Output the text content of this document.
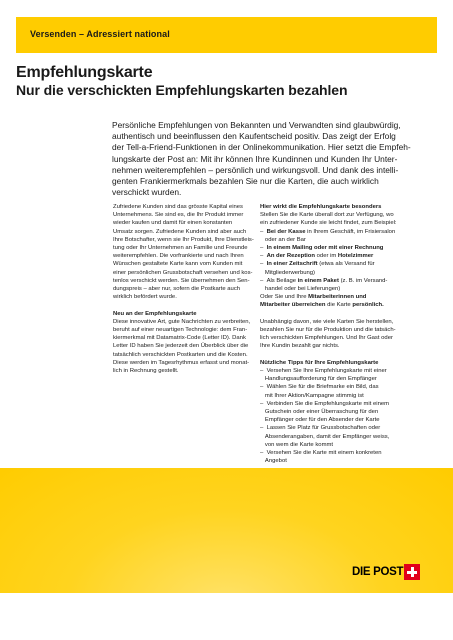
Versenden – Adressiert national
Empfehlungskarte
Nur die verschickten Empfehlungskarten bezahlen

Persönliche Empfehlungen von Bekannten und Verwandten sind glaubwürdig,
authentisch und beeinflussen den Kaufentscheid positiv. Das zeigt der Erfolg
der Tell-a-Friend-Funktionen in der Onlinekommunikation. Hier setzt die Empfeh-
lungskarte der Post an: Mit ihr können Ihre Kundinnen und Kunden Ihr Unter-
nehmen weiterempfehlen – persönlich und wirkungsvoll. Und dank des intelli-
genten Frankiermerkmals bezahlen Sie nur die Karten, die auch wirklich
verschickt wurden.

Zufriedene Kunden sind das grösste Kapital eines
Unternehmens. Sie sind es, die Ihr Produkt immer
wieder kaufen und damit für einen konstanten
Umsatz sorgen. Zufriedene Kunden sind aber auch
Ihre Botschafter, wenn sie Ihr Produkt, Ihre Dienstleis-
tung oder Ihr Unternehmen an Familie und Freunde
weiterempfehlen. Die vorfrankierte und nach Ihren
Wünschen gestaltete Karte kann vom Kunden mit
einer persönlichen Grussbotschaft versehen und kos-
tenlos verschickt werden. Sie übernehmen den Sen-
dungspreis – aber nur, sofern die Postkarte auch
wirklich befördert wurde.
Neu an der Empfehlungskarte
Diese innovative Art, gute Nachrichten zu verbreiten,
beruht auf einer neuartigen Technologie: dem Fran-
kiermerkmal mit Datamatrix-Code (Letter ID). Dank
Letter ID haben Sie jederzeit den Überblick über die
tatsächlich verschickten Postkarten und die Kosten.
Diese werden im Tagesrhythmus erfasst und monat-
lich in Rechnung gestellt.
Hier wirkt die Empfehlungskarte besonders
Stellen Sie die Karte überall dort zur Verfügung, wo
ein zufriedener Kunde sie leicht findet, zum Beispiel:
–  Bei der Kasse in Ihrem Geschäft, im Frisiersalon
oder an der Bar
–  In einem Mailing oder mit einer Rechnung
–  An der Rezeption oder im Hotelzimmer
–  In einer Zeitschrift (etwa als Versand für
Mitgliederwerbung)
–  Als Beilage in einem Paket (z. B. im Versand-
handel oder bei Lieferungen)
Oder Sie und Ihre Mitarbeiterinnen und
Mitarbeiter überreichen die Karte persönlich.
Unabhängig davon, wie viele Karten Sie herstellen,
bezahlen Sie nur für die Produktion und die tatsäch-
lich verschickten Empfehlungen. Und Ihr Gast oder
Ihre Kundin bezahlt gar nichts.
Nützliche Tipps für Ihre Empfehlungskarte
–  Versehen Sie Ihre Empfehlungskarte mit einer
Handlungsaufforderung für den Empfänger
–  Wählen Sie für die Briefmarke ein Bild, das
mit Ihrer Aktion/Kampagne stimmig ist
–  Verbinden Sie die Empfehlungskarte mit einem
Gutschein oder einer Überraschung für den
Empfänger oder für den Absender der Karte
–  Lassen Sie Platz für Grussbotschaften oder
Absenderangaben, damit der Empfänger weiss,
von wem die Karte kommt
–  Versehen Sie die Karte mit einem konkreten
Angebot
DIE POST
